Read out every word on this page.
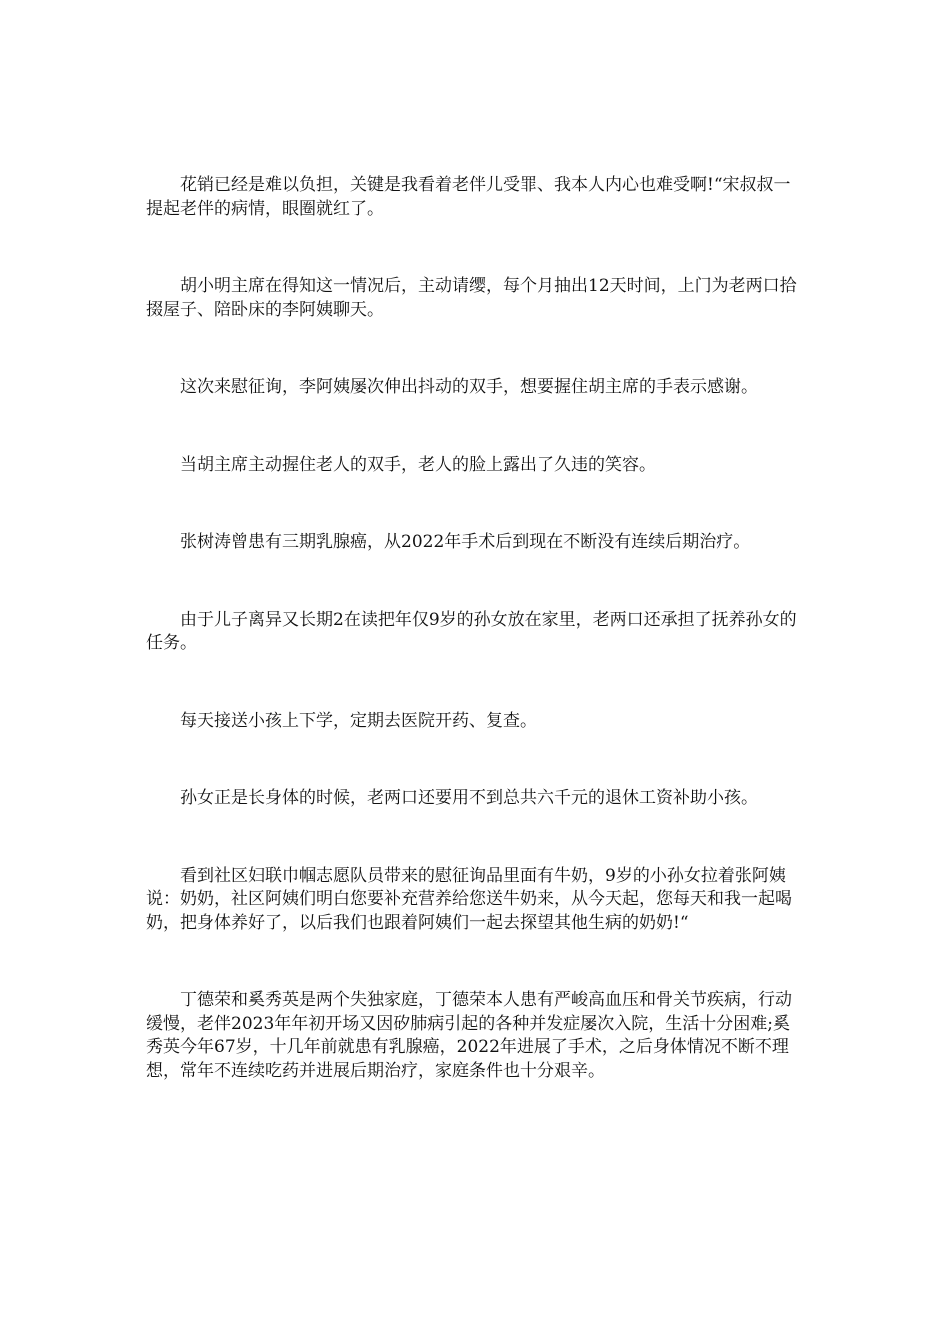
花销已经是难以负担，关键是我看着老伴儿受罪、我本人内心也难受啊!“宋叔叔一提起老伴的病情，眼圈就红了。

胡小明主席在得知这一情况后，主动请缨，每个月抽出12天时间，上门为老两口拾掇屋子、陪卧床的李阿姨聊天。

这次来慰征询，李阿姨屡次伸出抖动的双手，想要握住胡主席的手表示感谢。

当胡主席主动握住老人的双手，老人的脸上露出了久违的笑容。

张树涛曾患有三期乳腺癌，从2022年手术后到现在不断没有连续后期治疗。

由于儿子离异又长期2在读把年仅9岁的孙女放在家里，老两口还承担了抚养孙女的任务。

每天接送小孩上下学，定期去医院开药、复查。

孙女正是长身体的时候，老两口还要用不到总共六千元的退休工资补助小孩。

看到社区妇联巾帼志愿队员带来的慰征询品里面有牛奶，9岁的小孙女拉着张阿姨说：奶奶，社区阿姨们明白您要补充营养给您送牛奶来，从今天起，您每天和我一起喝奶，把身体养好了，以后我们也跟着阿姨们一起去探望其他生病的奶奶!“

丁德荣和奚秀英是两个失独家庭，丁德荣本人患有严峻高血压和骨关节疾病，行动缓慢，老伴2023年年初开场又因矽肺病引起的各种并发症屡次入院，生活十分困难;奚秀英今年67岁，十几年前就患有乳腺癌，2022年进展了手术，之后身体情况不断不理想，常年不连续吃药并进展后期治疗，家庭条件也十分艰辛。
